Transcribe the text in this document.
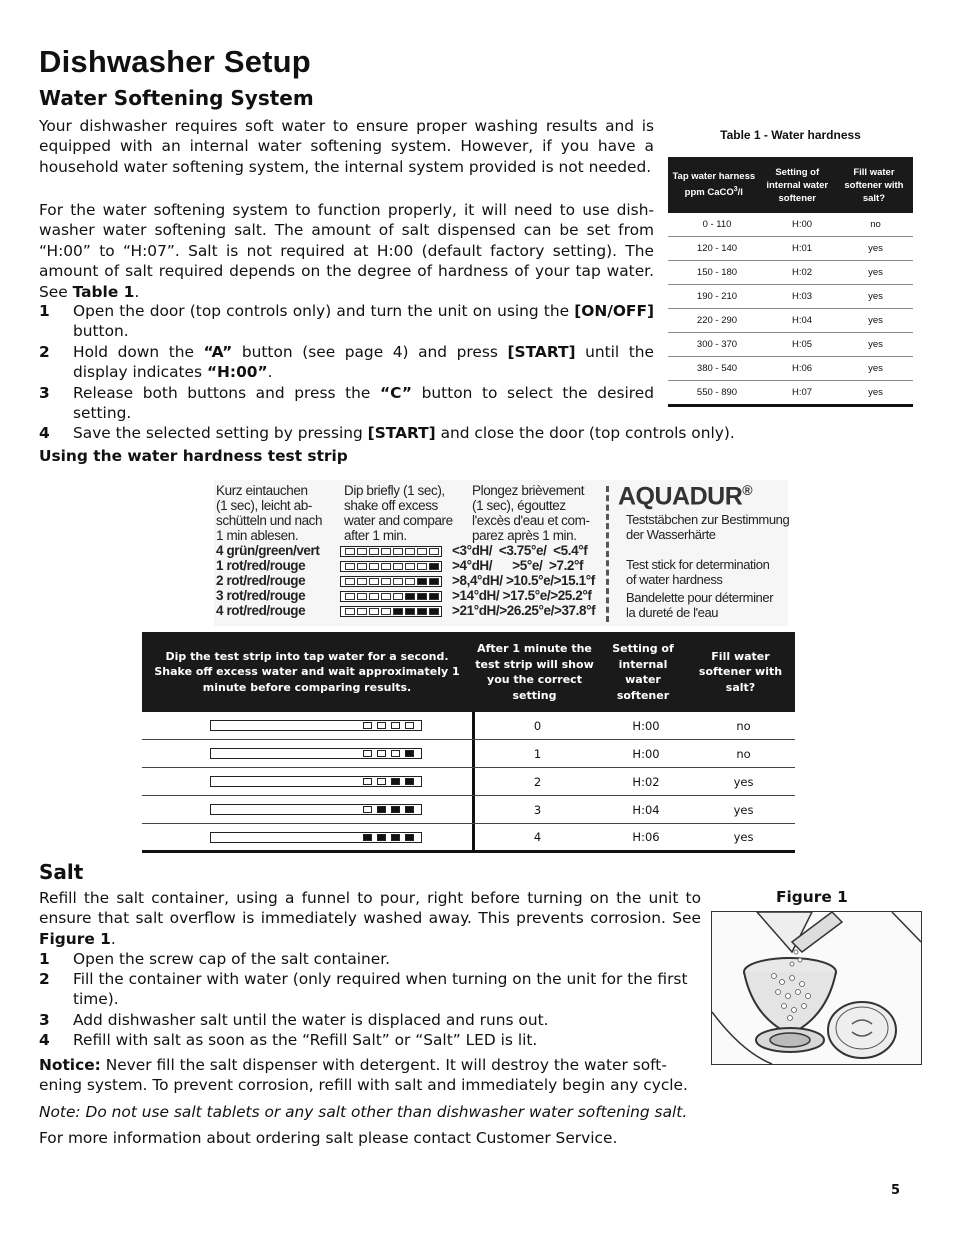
Dishwasher Setup
Water Softening System
Your dishwasher requires soft water to ensure proper washing results and is equipped with an internal water softening system. However, if you have a household water softening system, the internal system provided is not needed.
For the water softening system to function properly, it will need to use dish-washer water softening salt. The amount of salt dispensed can be set from “H:00” to “H:07”. Salt is not required at H:00 (default factory setting). The amount of salt required depends on the degree of hardness of your tap water. See Table 1.
1 Open the door (top controls only) and turn the unit on using the [ON/OFF] button.
2 Hold down the “A” button (see page 4) and press [START] until the display indicates “H:00”.
3 Release both buttons and press the “C” button to select the desired setting.
4 Save the selected setting by pressing [START] and close the door (top controls only).
Table 1 - Water hardness
Tap water harness
ppm CaCO$^3$/l
Setting of internal water softener
Fill water softener with salt?
0 - 110	H:00	no
120 - 140	H:01	yes
150 - 180	H:02	yes
190 - 210	H:03	yes
220 - 290	H:04	yes
300 - 370	H:05	yes
380 - 540	H:06	yes
550 - 890	H:07	yes
Using the water hardness test strip
Kurz eintauchen
(1 sec), leicht ab-
schütteln und nach
1 min ablesen.
Dip briefly (1 sec),
shake off excess
water and compare
after 1 min.
Plongez brièvement
(1 sec), égouttez
l'excès d'eau et com-
parez après 1 min.
4 grün/green/vert	<3°dH/  <3.75°e/  <5.4°f
1 rot/red/rouge	>4°dH/      >5°e/  >7.2°f
2 rot/red/rouge	>8,4°dH/ >10.5°e/>15.1°f
3 rot/red/rouge	>14°dH/ >17.5°e/>25.2°f
4 rot/red/rouge	>21°dH/>26.25°e/>37.8°f
AQUADUR®
Teststäbchen zur Bestimmung
der Wasserhärte

Test stick for determination
of water hardness
Bandelette pour déterminer
la dureté de l'eau
Dip the test strip into tap water for a second. Shake off excess water and wait approximately 1 minute before comparing results.
After 1 minute the test strip will show you the correct setting
Setting of internal water softener
Fill water softener with salt?
0	H:00	no
1	H:00	no
2	H:02	yes
3	H:04	yes
4	H:06	yes
Salt
Refill the salt container, using a funnel to pour, right before turning on the unit to ensure that salt overflow is immediately washed away. This prevents corrosion. See Figure 1.
1 Open the screw cap of the salt container.
2 Fill the container with water (only required when turning on the unit for the first time).
3 Add dishwasher salt until the water is displaced and runs out.
4 Refill with salt as soon as the “Refill Salt” or “Salt” LED is lit.
Notice: Never fill the salt dispenser with detergent. It will destroy the water soft-ening system. To prevent corrosion, refill with salt and immediately begin any cycle.
Note: Do not use salt tablets or any salt other than dishwasher water softening salt.
For more information about ordering salt please contact Customer Service.
Figure 1
5
